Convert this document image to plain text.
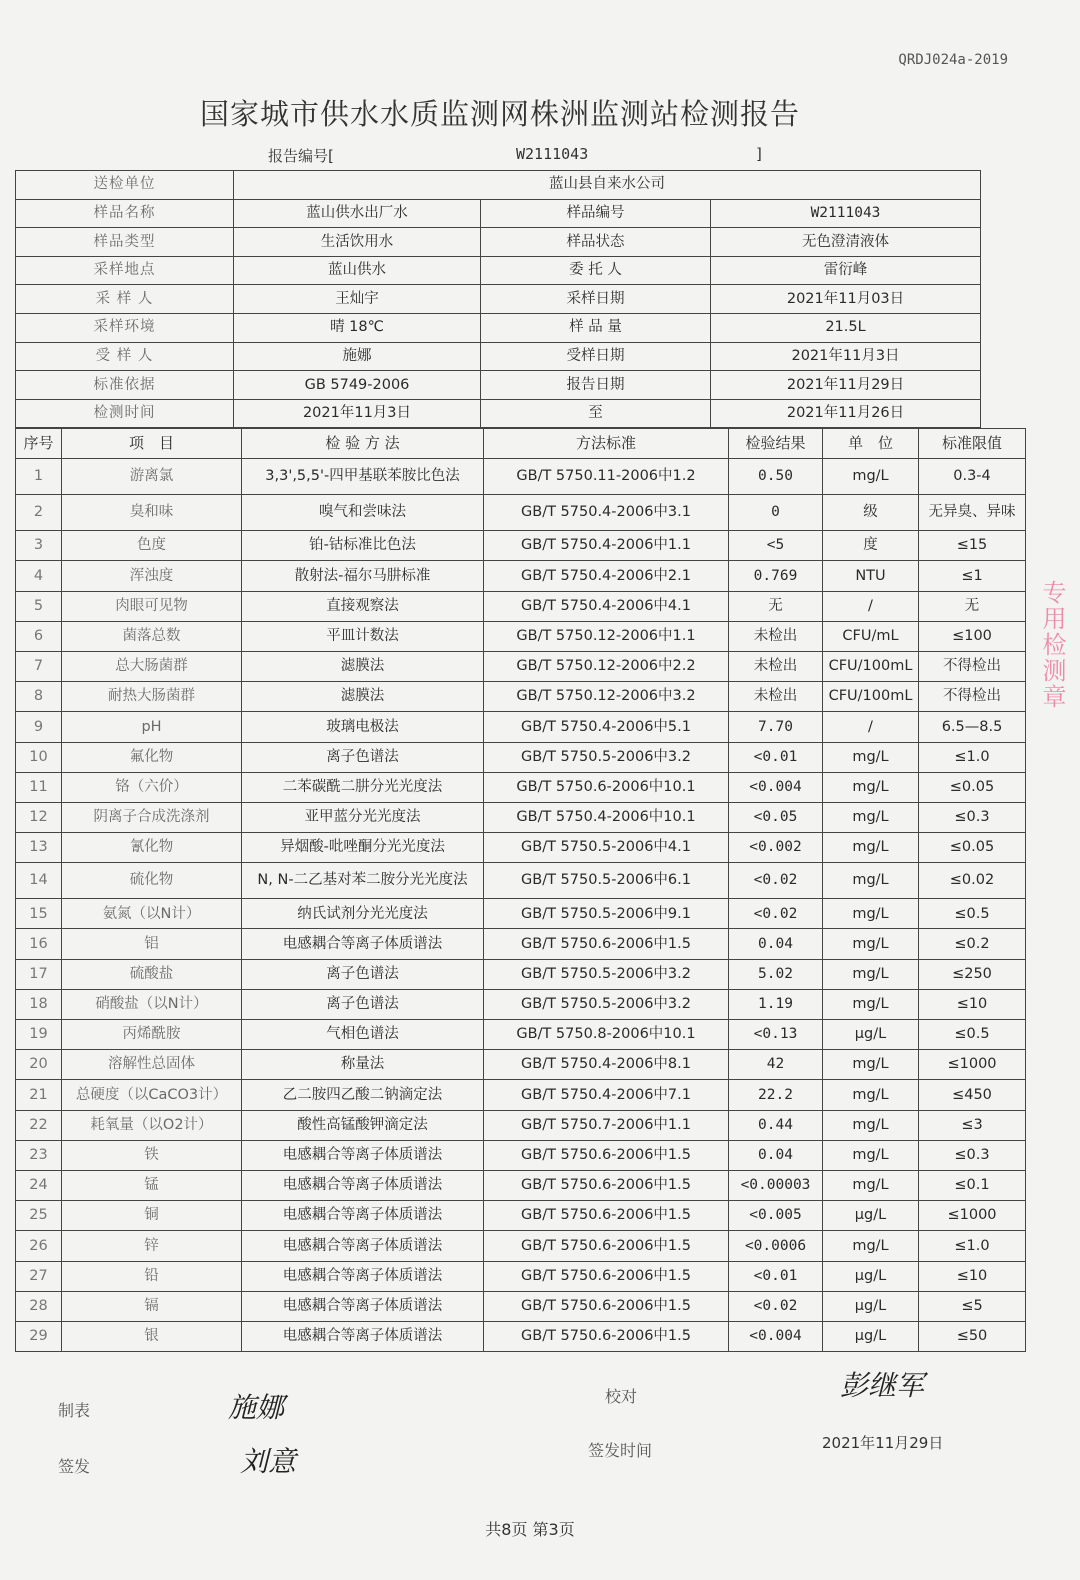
QRDJ024a-2019
国家城市供水水质监测网株洲监测站检测报告
报告编号[	W2111043	]
送检单位	蓝山县自来水公司		
样品名称	蓝山供水出厂水	样品编号	W2111043
样品类型	生活饮用水	样品状态	无色澄清液体
采样地点	蓝山供水	委 托 人	雷衍峰
采 样 人	王灿宇	采样日期	2021年11月03日
采样环境	晴 18℃	样 品 量	21.5L
受 样 人	施娜	受样日期	2021年11月3日
标准依据	GB 5749-2006	报告日期	2021年11月29日
检测时间	2021年11月3日	至	2021年11月26日
序号	项　目	检 验 方 法	方法标准	检验结果	单　位	标准限值
1	游离氯	3,3',5,5'-四甲基联苯胺比色法	GB/T 5750.11-2006中1.2	0.50	mg/L	0.3-4
2	臭和味	嗅气和尝味法	GB/T 5750.4-2006中3.1	0	级	无异臭、异味
3	色度	铂-钴标准比色法	GB/T 5750.4-2006中1.1	<5	度	≤15
4	浑浊度	散射法-福尔马肼标准	GB/T 5750.4-2006中2.1	0.769	NTU	≤1
5	肉眼可见物	直接观察法	GB/T 5750.4-2006中4.1	无	/	无
6	菌落总数	平皿计数法	GB/T 5750.12-2006中1.1	未检出	CFU/mL	≤100
7	总大肠菌群	滤膜法	GB/T 5750.12-2006中2.2	未检出	CFU/100mL	不得检出
8	耐热大肠菌群	滤膜法	GB/T 5750.12-2006中3.2	未检出	CFU/100mL	不得检出
9	pH	玻璃电极法	GB/T 5750.4-2006中5.1	7.70	/	6.5—8.5
10	氟化物	离子色谱法	GB/T 5750.5-2006中3.2	<0.01	mg/L	≤1.0
11	铬（六价）	二苯碳酰二肼分光光度法	GB/T 5750.6-2006中10.1	<0.004	mg/L	≤0.05
12	阴离子合成洗涤剂	亚甲蓝分光光度法	GB/T 5750.4-2006中10.1	<0.05	mg/L	≤0.3
13	氰化物	异烟酸-吡唑酮分光光度法	GB/T 5750.5-2006中4.1	<0.002	mg/L	≤0.05
14	硫化物	N, N-二乙基对苯二胺分光光度法	GB/T 5750.5-2006中6.1	<0.02	mg/L	≤0.02
15	氨氮（以N计）	纳氏试剂分光光度法	GB/T 5750.5-2006中9.1	<0.02	mg/L	≤0.5
16	铝	电感耦合等离子体质谱法	GB/T 5750.6-2006中1.5	0.04	mg/L	≤0.2
17	硫酸盐	离子色谱法	GB/T 5750.5-2006中3.2	5.02	mg/L	≤250
18	硝酸盐（以N计）	离子色谱法	GB/T 5750.5-2006中3.2	1.19	mg/L	≤10
19	丙烯酰胺	气相色谱法	GB/T 5750.8-2006中10.1	<0.13	μg/L	≤0.5
20	溶解性总固体	称量法	GB/T 5750.4-2006中8.1	42	mg/L	≤1000
21	总硬度（以CaCO3计）	乙二胺四乙酸二钠滴定法	GB/T 5750.4-2006中7.1	22.2	mg/L	≤450
22	耗氧量（以O2计）	酸性高锰酸钾滴定法	GB/T 5750.7-2006中1.1	0.44	mg/L	≤3
23	铁	电感耦合等离子体质谱法	GB/T 5750.6-2006中1.5	0.04	mg/L	≤0.3
24	锰	电感耦合等离子体质谱法	GB/T 5750.6-2006中1.5	<0.00003	mg/L	≤0.1
25	铜	电感耦合等离子体质谱法	GB/T 5750.6-2006中1.5	<0.005	μg/L	≤1000
26	锌	电感耦合等离子体质谱法	GB/T 5750.6-2006中1.5	<0.0006	mg/L	≤1.0
27	铅	电感耦合等离子体质谱法	GB/T 5750.6-2006中1.5	<0.01	μg/L	≤10
28	镉	电感耦合等离子体质谱法	GB/T 5750.6-2006中1.5	<0.02	μg/L	≤5
29	银	电感耦合等离子体质谱法	GB/T 5750.6-2006中1.5	<0.004	μg/L	≤50
制表	施娜	校对	彭继军
签发	刘意	签发时间	2021年11月29日
共8页 第3页
专用检测章
